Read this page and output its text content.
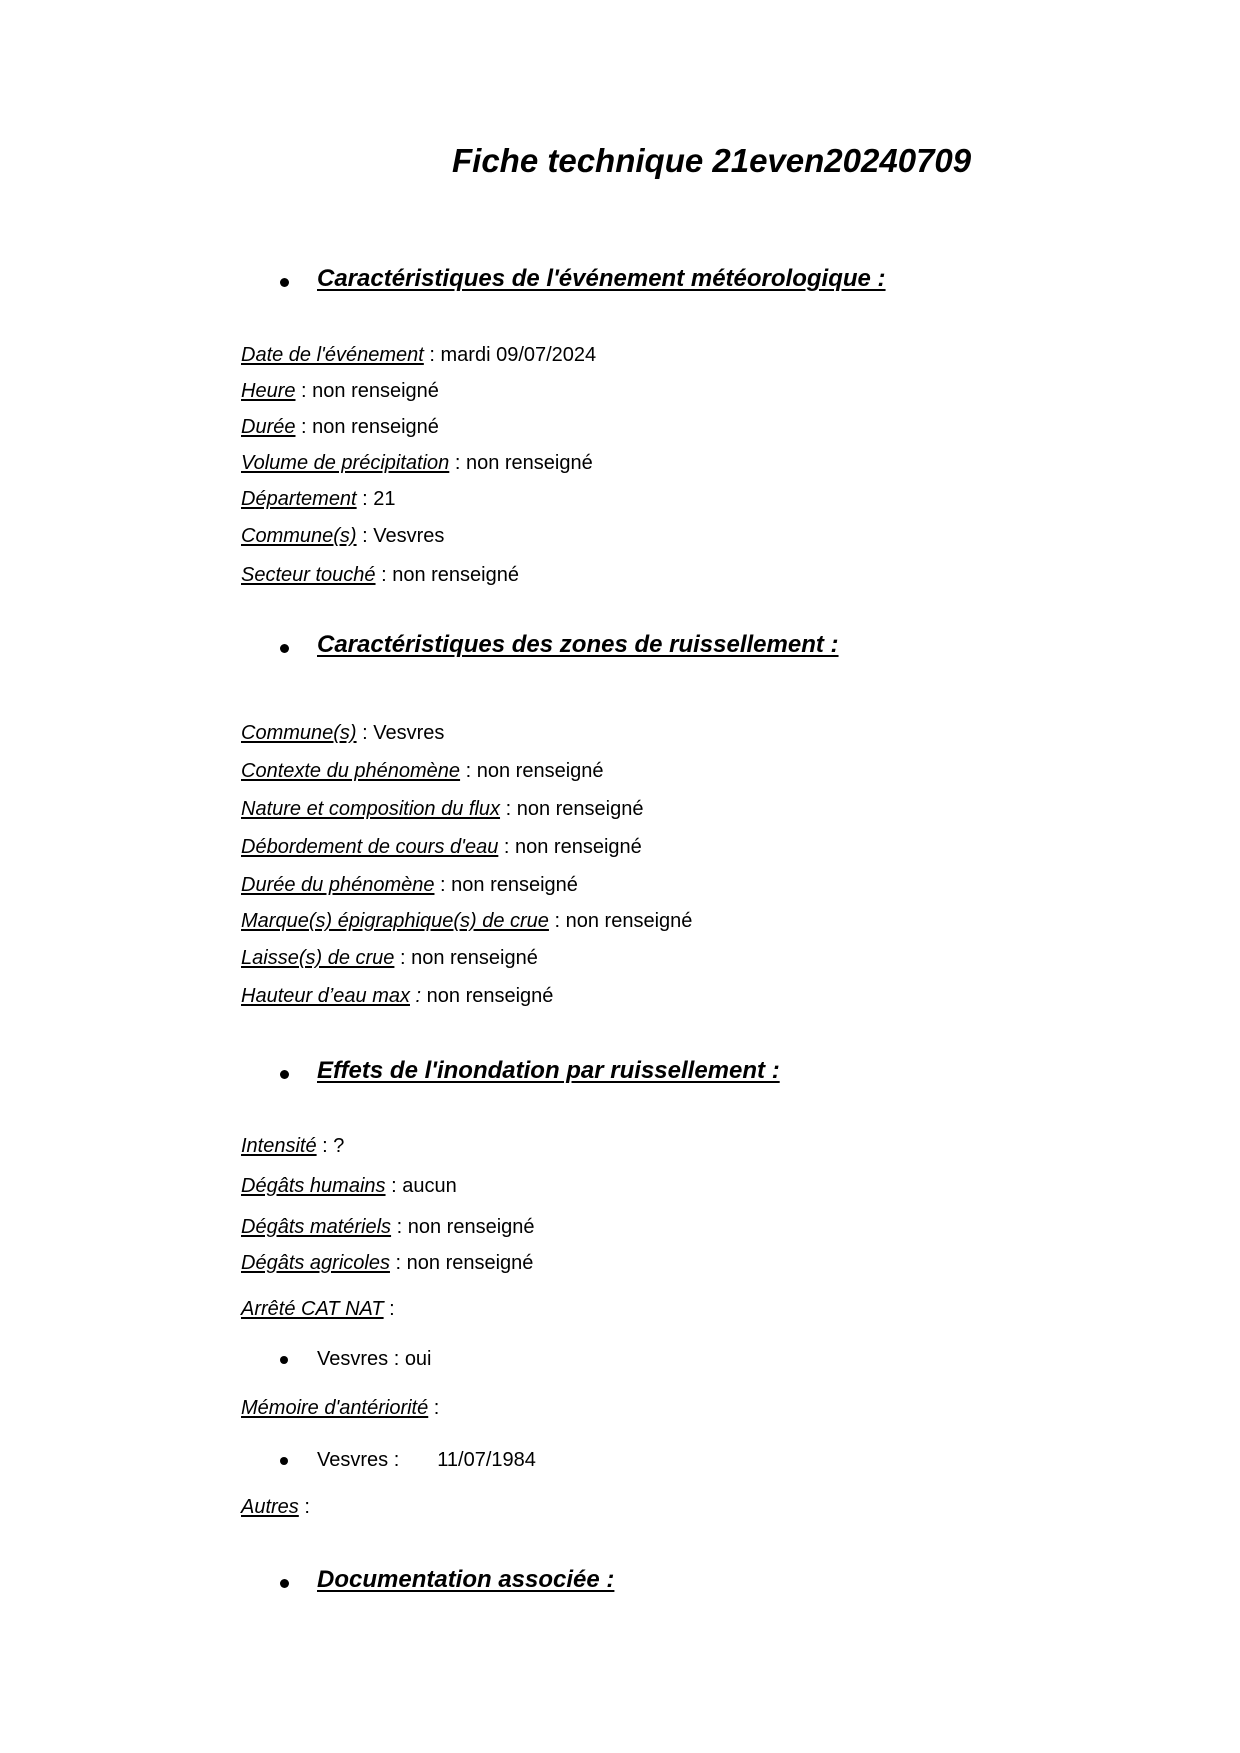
Fiche technique 21even20240709
Caractéristiques de l'événement météorologique :
Date de l'événement : mardi 09/07/2024
Heure : non renseigné
Durée : non renseigné
Volume de précipitation : non renseigné
Département : 21
Commune(s) : Vesvres
Secteur touché : non renseigné
Caractéristiques des zones de ruissellement :
Commune(s) : Vesvres
Contexte du phénomène : non renseigné
Nature et composition du flux : non renseigné
Débordement de cours d'eau : non renseigné
Durée du phénomène : non renseigné
Marque(s) épigraphique(s) de crue : non renseigné
Laisse(s) de crue : non renseigné
Hauteur d’eau max : non renseigné
Effets de l'inondation par ruissellement :
Intensité : ?
Dégâts humains : aucun
Dégâts matériels : non renseigné
Dégâts agricoles : non renseigné
Arrêté CAT NAT :
Vesvres : oui
Mémoire d'antériorité :
Vesvres : 11/07/1984
Autres :
Documentation associée :
